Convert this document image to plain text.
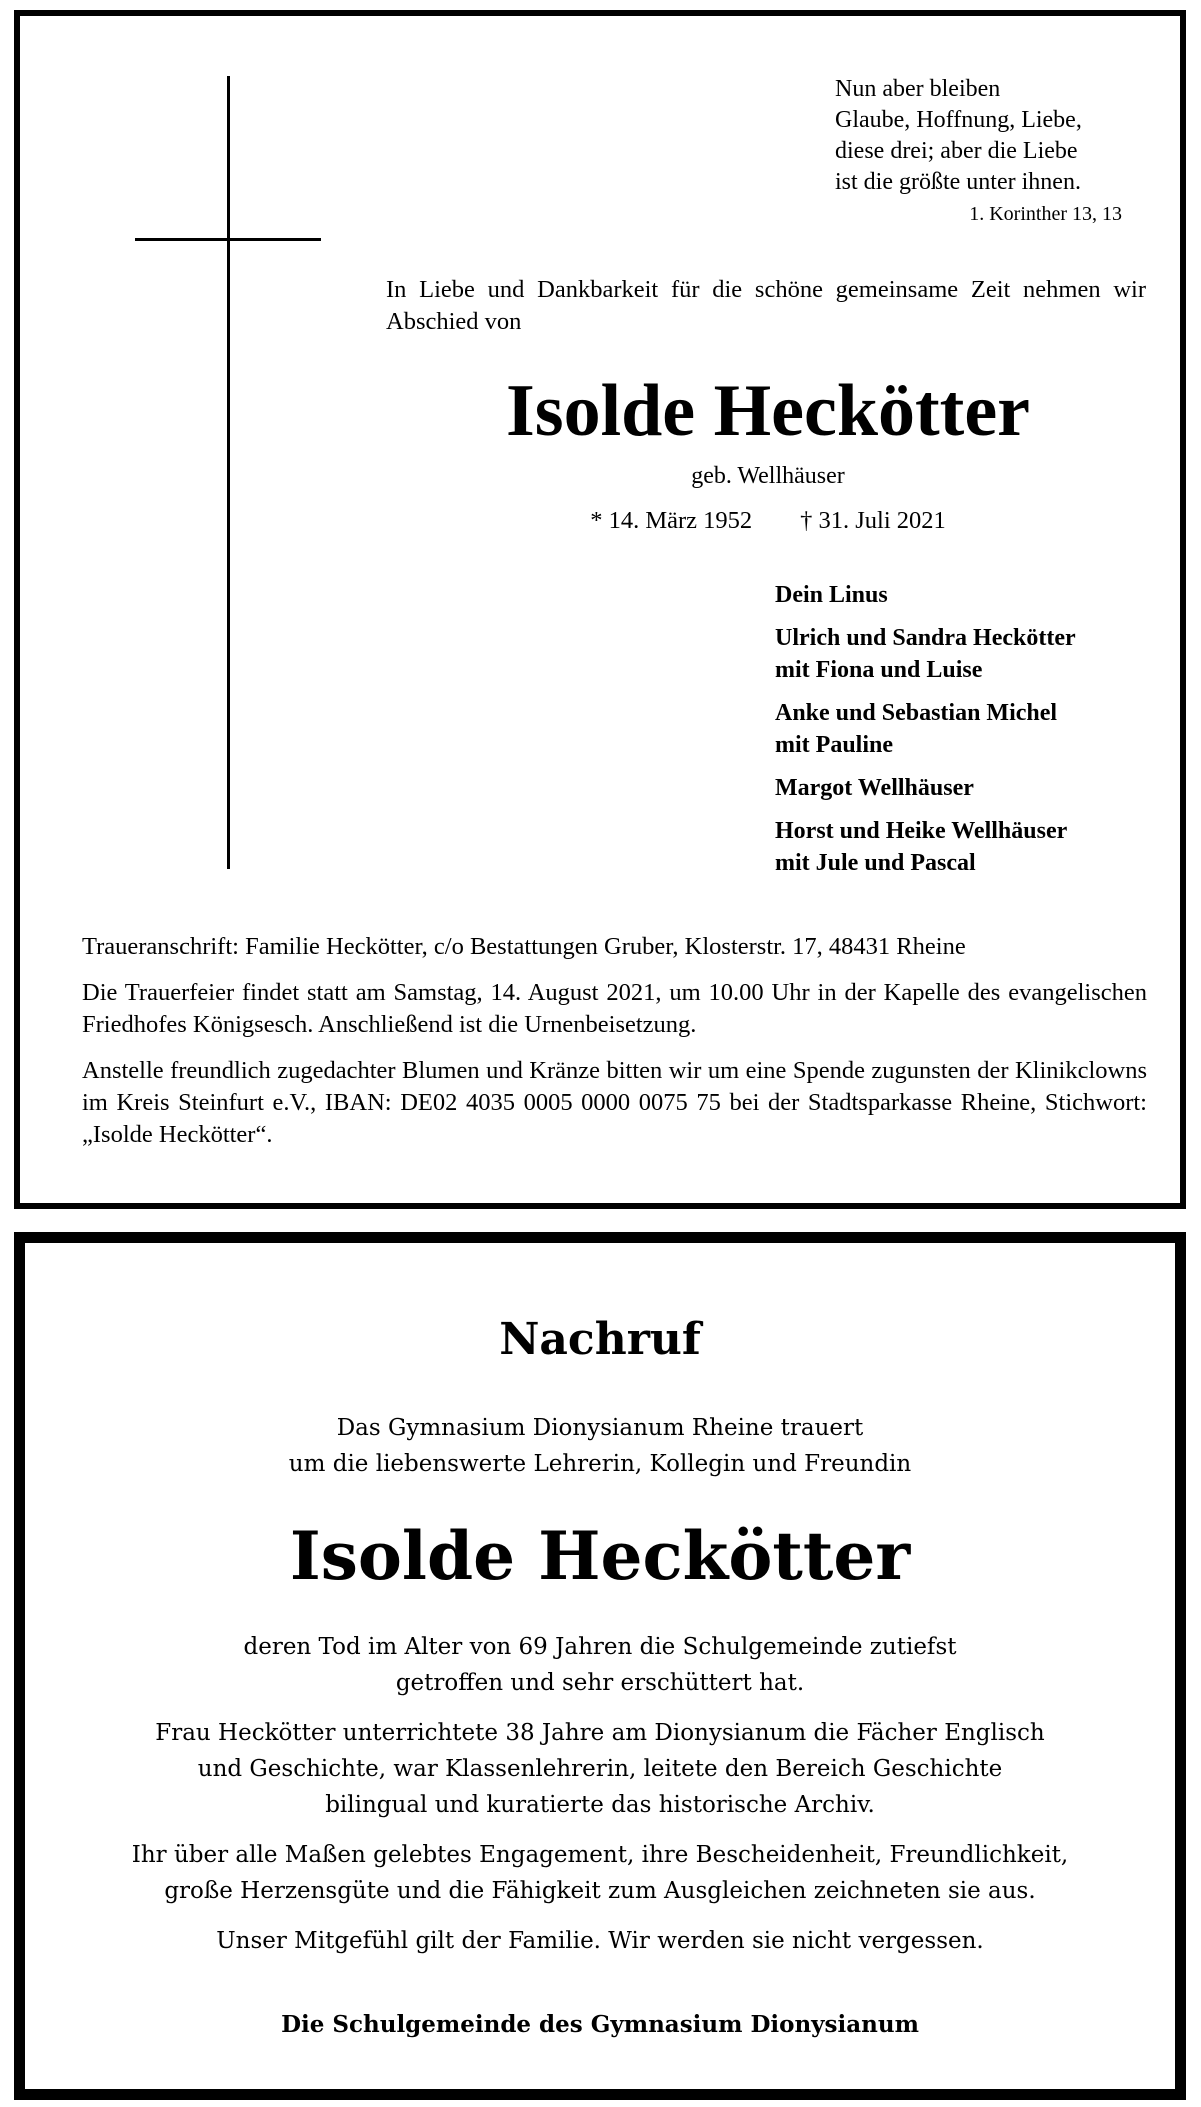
Nun aber bleiben
Glaube, Hoffnung, Liebe,
diese drei; aber die Liebe
ist die größte unter ihnen.
1. Korinther 13, 13
In Liebe und Dankbarkeit für die schöne gemeinsame Zeit nehmen wir Abschied von
Isolde Heckötter
geb. Wellhäuser
* 14. März 1952 † 31. Juli 2021
Dein Linus
Ulrich und Sandra Heckötter
mit Fiona und Luise
Anke und Sebastian Michel
mit Pauline
Margot Wellhäuser
Horst und Heike Wellhäuser
mit Jule und Pascal

Traueranschrift: Familie Heckötter, c/o Bestattungen Gruber, Klosterstr. 17, 48431 Rheine

Die Trauerfeier findet statt am Samstag, 14. August 2021, um 10.00 Uhr in der Kapelle des evangelischen Friedhofes Königsesch. Anschließend ist die Urnenbeisetzung.

Anstelle freundlich zugedachter Blumen und Kränze bitten wir um eine Spende zugunsten der Klinikclowns im Kreis Steinfurt e.V., IBAN: DE02 4035 0005 0000 0075 75 bei der Stadtsparkasse Rheine, Stichwort: „Isolde Heckötter“.

Nachruf
Das Gymnasium Dionysianum Rheine trauert
um die liebenswerte Lehrerin, Kollegin und Freundin
Isolde Heckötter

deren Tod im Alter von 69 Jahren die Schulgemeinde zutiefst
getroffen und sehr erschüttert hat.

Frau Heckötter unterrichtete 38 Jahre am Dionysianum die Fächer Englisch
und Geschichte, war Klassenlehrerin, leitete den Bereich Geschichte
bilingual und kuratierte das historische Archiv.

Ihr über alle Maßen gelebtes Engagement, ihre Bescheidenheit, Freundlichkeit,
große Herzensgüte und die Fähigkeit zum Ausgleichen zeichneten sie aus.

Unser Mitgefühl gilt der Familie. Wir werden sie nicht vergessen.

Die Schulgemeinde des Gymnasium Dionysianum
